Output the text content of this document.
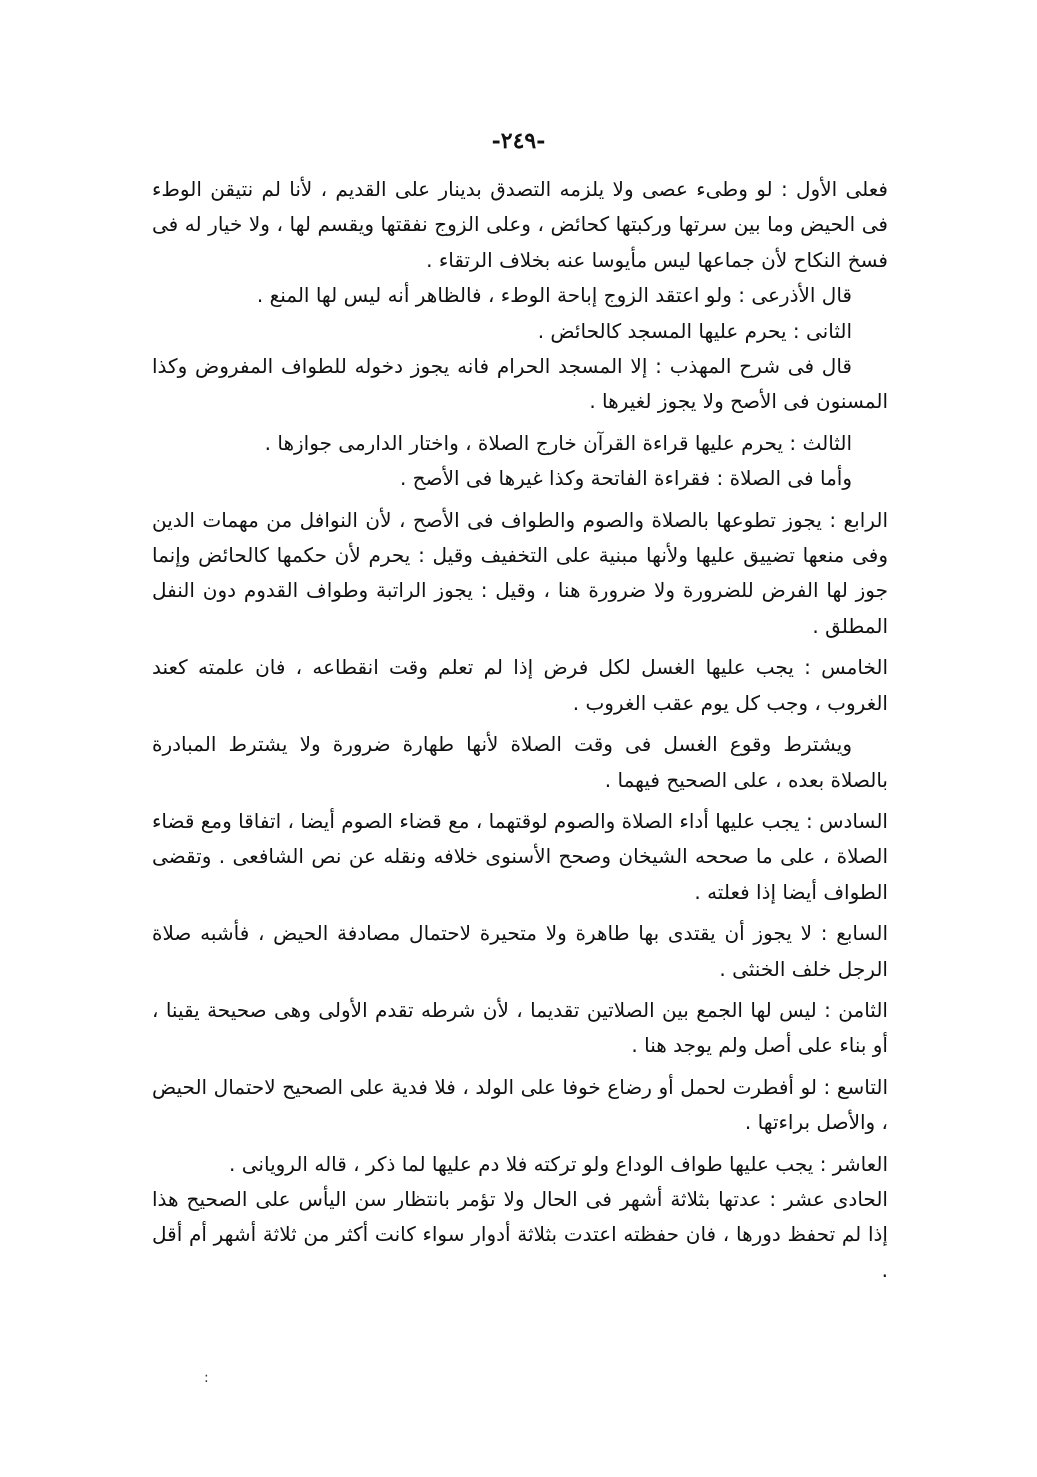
-٢٤٩-

فعلى الأول : لو وطىء عصى ولا يلزمه التصدق بدينار على القديم ، لأنا لم نتيقن الوطء فى الحيض وما بين سرتها وركبتها كحائض ، وعلى الزوج نفقتها ويقسم لها ، ولا خيار له فى فسخ النكاح لأن جماعها ليس مأيوسا عنه بخلاف الرتقاء .

قال الأذرعى : ولو اعتقد الزوج إباحة الوطء ، فالظاهر أنه ليس لها المنع .

الثانى : يحرم عليها المسجد كالحائض .

قال فى شرح المهذب : إلا المسجد الحرام فانه يجوز دخوله للطواف المفروض وكذا المسنون فى الأصح ولا يجوز لغيرها .

الثالث : يحرم عليها قراءة القرآن خارج الصلاة ، واختار الدارمى جوازها .

وأما فى الصلاة : فقراءة الفاتحة وكذا غيرها فى الأصح .

الرابع : يجوز تطوعها بالصلاة والصوم والطواف فى الأصح ، لأن النوافل من مهمات الدين وفى منعها تضييق عليها ولأنها مبنية على التخفيف وقيل : يحرم لأن حكمها كالحائض وإنما جوز لها الفرض للضرورة ولا ضرورة هنا ، وقيل : يجوز الراتبة وطواف القدوم دون النفل المطلق .

الخامس : يجب عليها الغسل لكل فرض إذا لم تعلم وقت انقطاعه ، فان علمته كعند الغروب ، وجب كل يوم عقب الغروب .

ويشترط وقوع الغسل فى وقت الصلاة لأنها طهارة ضرورة ولا يشترط المبادرة بالصلاة بعده ، على الصحيح فيهما .

السادس : يجب عليها أداء الصلاة والصوم لوقتهما ، مع قضاء الصوم أيضا ، اتفاقا ومع قضاء الصلاة ، على ما صححه الشيخان وصحح الأسنوى خلافه ونقله عن نص الشافعى . وتقضى الطواف أيضا إذا فعلته .

السابع : لا يجوز أن يقتدى بها طاهرة ولا متحيرة لاحتمال مصادفة الحيض ، فأشبه صلاة الرجل خلف الخنثى .

الثامن : ليس لها الجمع بين الصلاتين تقديما ، لأن شرطه تقدم الأولى وهى صحيحة يقينا ، أو بناء على أصل ولم يوجد هنا .

التاسع : لو أفطرت لحمل أو رضاع خوفا على الولد ، فلا فدية على الصحيح لاحتمال الحيض ، والأصل براءتها .

العاشر : يجب عليها طواف الوداع ولو تركته فلا دم عليها لما ذكر ، قاله الرويانى .

الحادى عشر : عدتها بثلاثة أشهر فى الحال ولا تؤمر بانتظار سن اليأس على الصحيح هذا إذا لم تحفظ دورها ، فان حفظته اعتدت بثلاثة أدوار سواء كانت أكثر من ثلاثة أشهر أم أقل .

:
